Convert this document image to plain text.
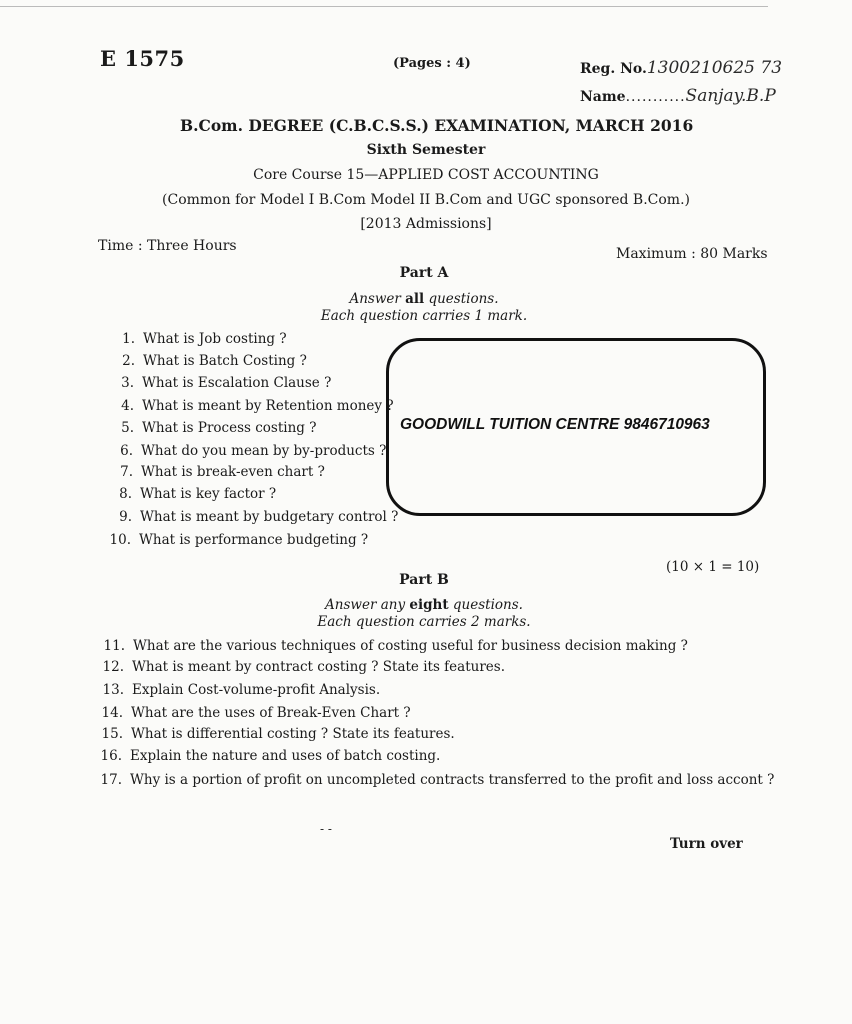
E 1575	(Pages : 4)	Reg. No.1300210625 73
Name...........Sanjay.B.P
B.Com. DEGREE (C.B.C.S.S.) EXAMINATION, MARCH 2016
Sixth Semester
Core Course 15—APPLIED COST ACCOUNTING
(Common for Model I B.Com Model II B.Com and UGC sponsored B.Com.)
[2013 Admissions]
Time : Three Hours	Maximum : 80 Marks
Part A
Answer all questions.
Each question carries 1 mark.
1. What is Job costing ?
2. What is Batch Costing ?
3. What is Escalation Clause ?
4. What is meant by Retention money ?
5. What is Process costing ?
6. What do you mean by by-products ?
7. What is break-even chart ?
8. What is key factor ?
9. What is meant by budgetary control ?
10. What is performance budgeting ?
GOODWILL TUITION CENTRE 9846710963
(10 × 1 = 10)
Part B
Answer any eight questions.
Each question carries 2 marks.
11. What are the various techniques of costing useful for business decision making ?
12. What is meant by contract costing ? State its features.
13. Explain Cost-volume-profit Analysis.
14. What are the uses of Break-Even Chart ?
15. What is differential costing ? State its features.
16. Explain the nature and uses of batch costing.
17. Why is a portion of profit on uncompleted contracts transferred to the profit and loss accont ?
- -
Turn over
